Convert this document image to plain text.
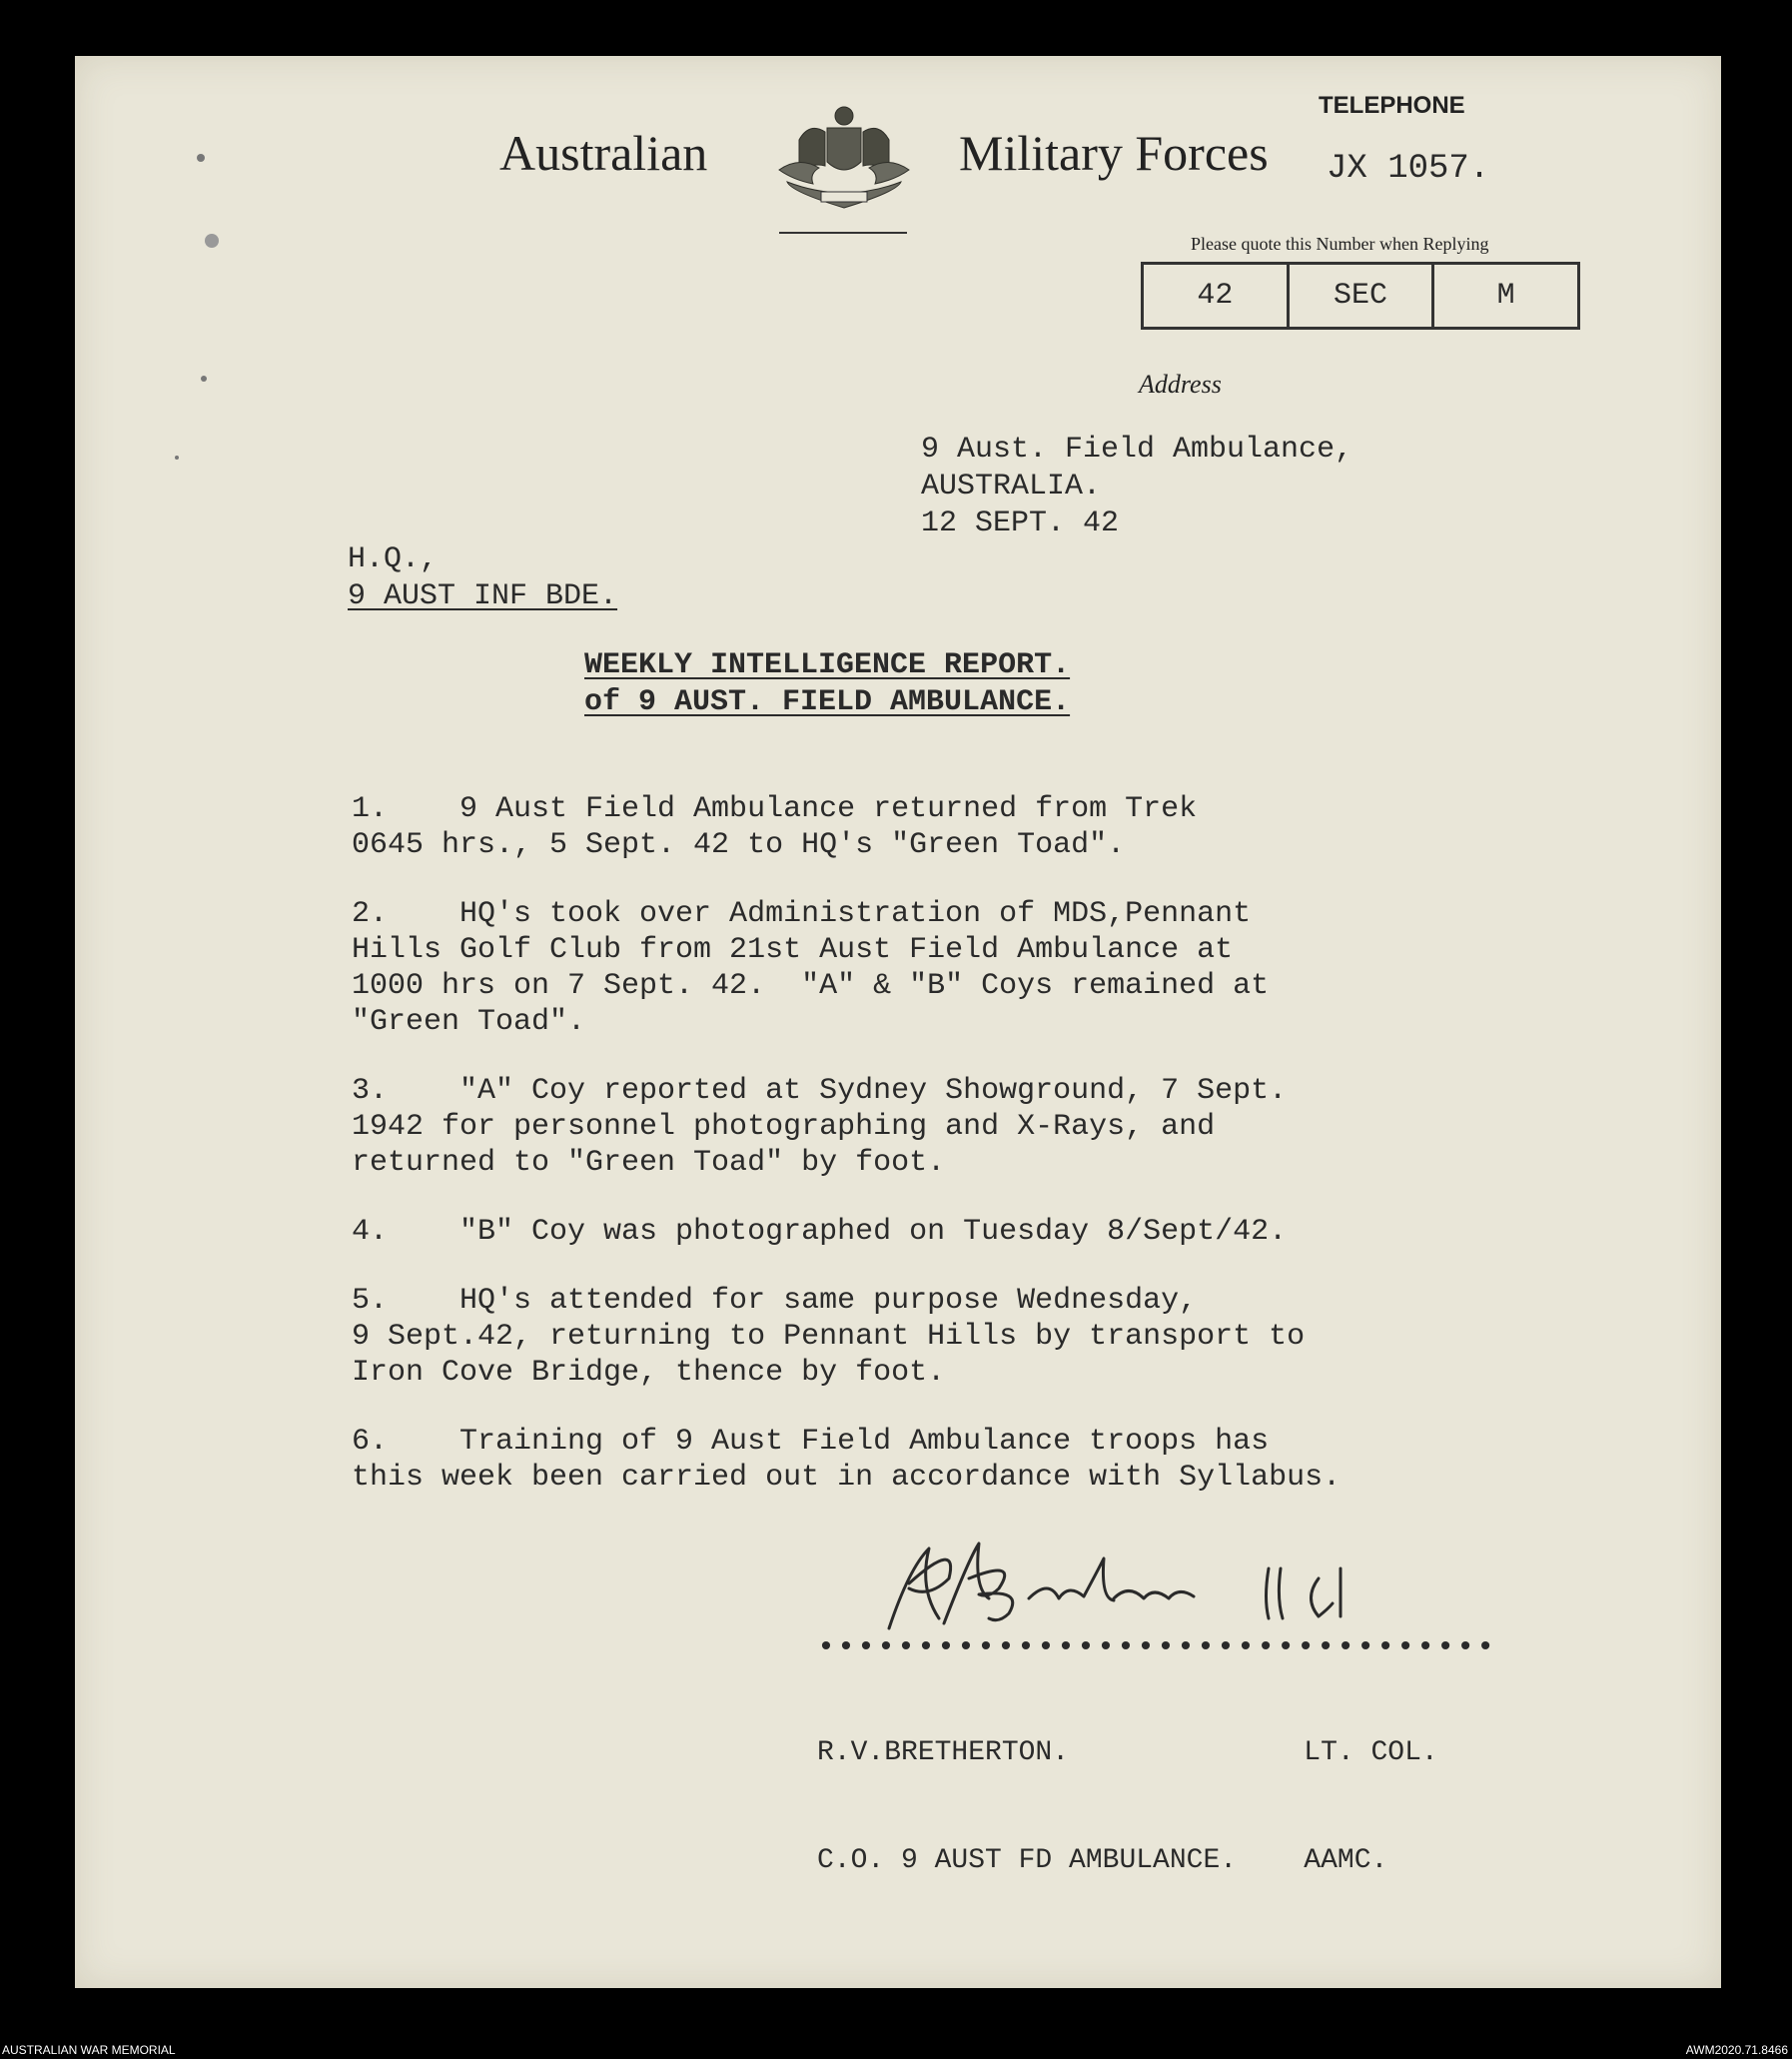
Australian	Military Forces
TELEPHONE
JX 1057.
Please quote this Number when Replying
42	SEC	M
Address
9 Aust. Field Ambulance,
AUSTRALIA.
12 SEPT. 42
H.Q.,
9 AUST INF BDE.
WEEKLY INTELLIGENCE REPORT.
of 9 AUST. FIELD AMBULANCE.

1.    9 Aust Field Ambulance returned from Trek
0645 hrs., 5 Sept. 42 to HQ's "Green Toad".

2.    HQ's took over Administration of MDS,Pennant
Hills Golf Club from 21st Aust Field Ambulance at
1000 hrs on 7 Sept. 42.  "A" & "B" Coys remained at
"Green Toad".

3.    "A" Coy reported at Sydney Showground, 7 Sept.
1942 for personnel photographing and X-Rays, and
returned to "Green Toad" by foot.

4.    "B" Coy was photographed on Tuesday 8/Sept/42.

5.    HQ's attended for same purpose Wednesday,
9 Sept.42, returning to Pennant Hills by transport to
Iron Cove Bridge, thence by foot.

6.    Training of 9 Aust Field Ambulance troops has
this week been carried out in accordance with Syllabus.

••••••••••••••••••••••••••••••••••

R.V.BRETHERTON.              LT. COL.

C.O. 9 AUST FD AMBULANCE.    AAMC.

AUSTRALIAN WAR MEMORIAL	AWM2020.71.8466
